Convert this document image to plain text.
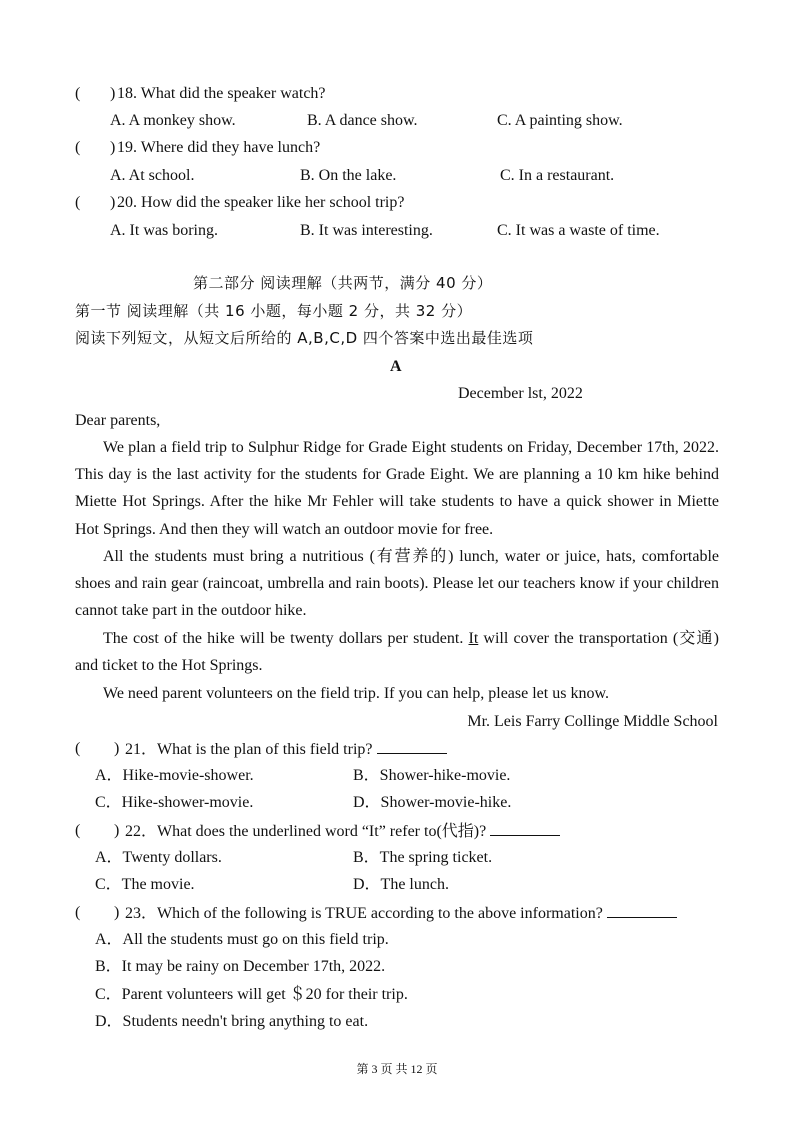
( ) 18. What did the speaker watch?
A. A monkey show.	B. A dance show.	C. A painting show.
( ) 19. Where did they have lunch?
A. At school.	B. On the lake.	C. In a restaurant.
( ) 20. How did the speaker like her school trip?
A. It was boring.	B. It was interesting.	C. It was a waste of time.
第二部分 阅读理解（共两节，满分 40 分）
第一节 阅读理解（共 16 小题，每小题 2 分，共 32 分）
阅读下列短文，从短文后所给的 A,B,C,D 四个答案中选出最佳选项
A
December lst, 2022
Dear parents,
We plan a field trip to Sulphur Ridge for Grade Eight students on Friday, December 17th, 2022. This day is the last activity for the students for Grade Eight. We are planning a 10 km hike behind Miette Hot Springs. After the hike Mr Fehler will take students to have a quick shower in Miette Hot Springs. And then they will watch an outdoor movie for free.
All the students must bring a nutritious (有营养的) lunch, water or juice, hats, comfortable shoes and rain gear (raincoat, umbrella and rain boots). Please let our teachers know if your children cannot take part in the outdoor hike.
The cost of the hike will be twenty dollars per student. It will cover the transportation (交通) and ticket to the Hot Springs.
We need parent volunteers on the field trip. If you can help, please let us know.
Mr. Leis Farry Collinge Middle School
( ) 21．What is the plan of this field trip?
A．Hike-movie-shower.	B．Shower-hike-movie.
C．Hike-shower-movie.	D．Shower-movie-hike.
( ) 22．What does the underlined word “It” refer to(代指)?
A．Twenty dollars.	B．The spring ticket.
C．The movie.	D．The lunch.
( ) 23．Which of the following is TRUE according to the above information?
A．All the students must go on this field trip.
B．It may be rainy on December 17th, 2022.
C．Parent volunteers will get ＄20 for their trip.
D．Students needn't bring anything to eat.
第 3 页 共 12 页
